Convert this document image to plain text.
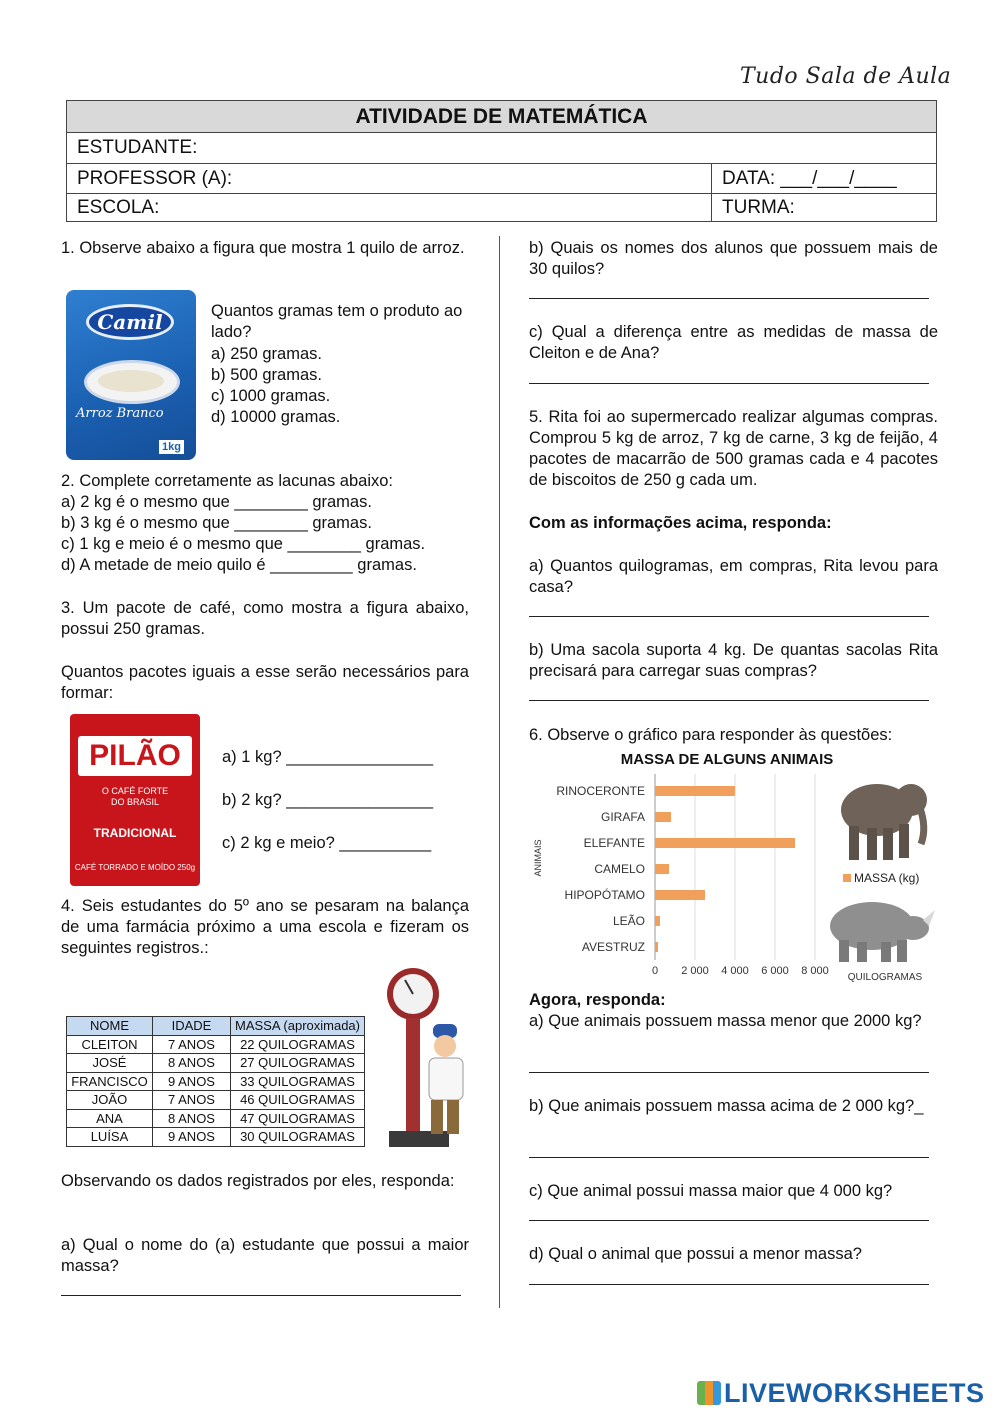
Tudo Sala de Aula
ATIVIDADE DE MATEMÁTICA
ESTUDANTE:
PROFESSOR (A):	DATA: ___/___/____
ESCOLA:	TURMA:
1. Observe abaixo a figura que mostra 1 quilo de arroz.
Camil
Arroz Branco
1kg
Quantos gramas tem o produto ao lado?
a) 250 gramas.
b) 500 gramas.
c) 1000 gramas.
d) 10000 gramas.
2. Complete corretamente as lacunas abaixo:
a) 2 kg é o mesmo que ________ gramas.
b) 3 kg é o mesmo que ________ gramas.
c) 1 kg e meio é o mesmo que ________ gramas.
d) A metade de meio quilo é _________ gramas.
3. Um pacote de café, como mostra a figura abaixo, possui 250 gramas.
Quantos pacotes iguais a esse serão necessários para formar:
PILÃO
O CAFÉ FORTE
DO BRASIL
TRADICIONAL
CAFÉ TORRADO E MOÍDO 250g
a) 1 kg? ________________
b) 2 kg? ________________
c) 2 kg e meio? __________
4. Seis estudantes do 5º ano se pesaram na balança de uma farmácia próximo a uma escola e fizeram os seguintes registros.:
NOME	IDADE	MASSA (aproximada)
CLEITON	7 ANOS	22 QUILOGRAMAS
JOSÉ	8 ANOS	27 QUILOGRAMAS
FRANCISCO	9 ANOS	33 QUILOGRAMAS
JOÃO	7 ANOS	46 QUILOGRAMAS
ANA	8 ANOS	47 QUILOGRAMAS
LUÍSA	9 ANOS	30 QUILOGRAMAS
Observando os dados registrados por eles, responda:
a) Qual o nome do (a) estudante que possui a maior massa?
b) Quais os nomes dos alunos que possuem mais de 30 quilos?
c) Qual a diferença entre as medidas de massa de Cleiton e de Ana?
5. Rita foi ao supermercado realizar algumas compras. Comprou 5 kg de arroz, 7 kg de carne, 3 kg de feijão, 4 pacotes de macarrão de 500 gramas cada e 4 pacotes de biscoitos de 250 g cada um.
Com as informações acima, responda:
a) Quantos quilogramas, em compras, Rita levou para casa?
b) Uma sacola suporta 4 kg. De quantas sacolas Rita precisará para carregar suas compras?
6. Observe o gráfico para responder às questões:
MASSA DE ALGUNS ANIMAIS
RINOCERONTE
GIRAFA
ELEFANTE
CAMELO
HIPOPÓTAMO
LEÃO
AVESTRUZ
0 2 000 4 000 6 000 8 000
ANIMAIS
QUILOGRAMAS
MASSA (kg)
Agora, responda:
a) Que animais possuem massa menor que 2000 kg?
b) Que animais possuem massa acima de 2 000 kg?_
c) Que animal possui massa maior que 4 000 kg?
d) Qual o animal que possui a menor massa?
LIVEWORKSHEETS
